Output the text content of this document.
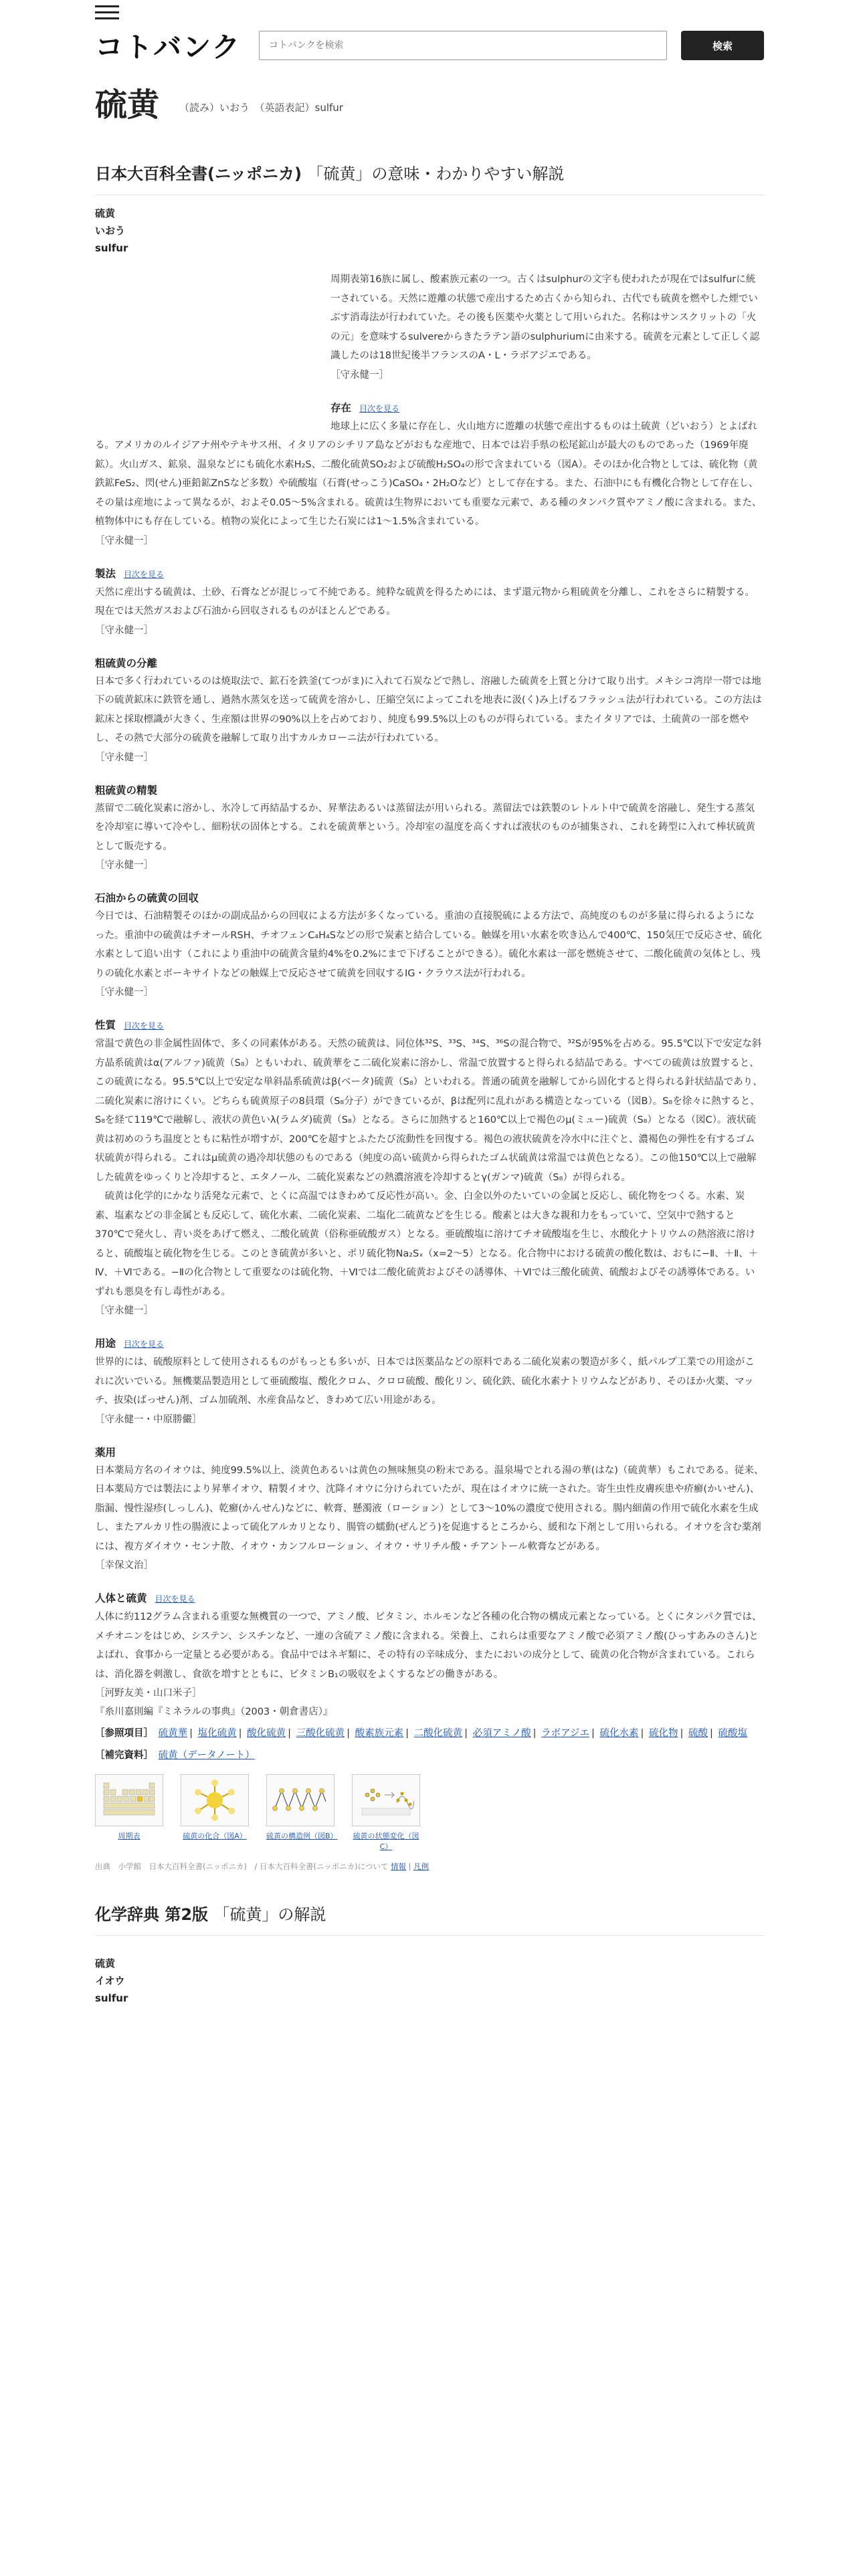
コトバンク
コトバンクを検索	検索
硫黄 （読み）いおう　（英語表記）sulfur
日本大百科全書(ニッポニカ) 「硫黄」の意味・わかりやすい解説
硫黄
いおう
sulfur

周期表第16族に属し、酸素族元素の一つ。古くはsulphurの文字も使われたが現在ではsulfurに統一されている。天然に遊離の状態で産出するため古くから知られ、古代でも硫黄を燃やした煙でいぶす消毒法が行われていた。その後も医薬や火薬として用いられた。名称はサンスクリットの「火の元」を意味するsulvereからきたラテン語のsulphuriumに由来する。硫黄を元素として正しく認識したのは18世紀後半フランスのA・L・ラボアジエである。

［守永健一］

存在 目次を見る

地球上に広く多量に存在し、火山地方に遊離の状態で産出するものは土硫黄（どいおう）とよばれる。アメリカのルイジアナ州やテキサス州、イタリアのシチリア島などがおもな産地で、日本では岩手県の松尾鉱山が最大のものであった（1969年廃鉱）。火山ガス、鉱泉、温泉などにも硫化水素H₂S、二酸化硫黄SO₂および硫酸H₂SO₄の形で含まれている（図A）。そのほか化合物としては、硫化物（黄鉄鉱FeS₂、閃(せん)亜鉛鉱ZnSなど多数）や硫酸塩（石膏(せっこう)CaSO₄・2H₂Oなど）として存在する。また、石油中にも有機化合物として存在し、その量は産地によって異なるが、およそ0.05〜5%含まれる。硫黄は生物界においても重要な元素で、ある種のタンパク質やアミノ酸に含まれる。また、植物体中にも存在している。植物の炭化によって生じた石炭には1〜1.5%含まれている。

［守永健一］

製法 目次を見る

天然に産出する硫黄は、土砂、石膏などが混じって不純である。純粋な硫黄を得るためには、まず還元物から粗硫黄を分離し、これをさらに精製する。現在では天然ガスおよび石油から回収されるものがほとんどである。

［守永健一］

粗硫黄の分離

日本で多く行われているのは焼取法で、鉱石を鉄釜(てつがま)に入れて石炭などで熱し、溶融した硫黄を上質と分けて取り出す。メキシコ湾岸一帯では地下の硫黄鉱床に鉄管を通し、過熱水蒸気を送って硫黄を溶かし、圧縮空気によってこれを地表に汲(く)み上げるフラッシュ法が行われている。この方法は鉱床と採取標識が大きく、生産額は世界の90%以上を占めており、純度も99.5%以上のものが得られている。またイタリアでは、土硫黄の一部を燃やし、その熱で大部分の硫黄を融解して取り出すカルカローニ法が行われている。

［守永健一］

粗硫黄の精製

蒸留で二硫化炭素に溶かし、氷冷して再結晶するか、昇華法あるいは蒸留法が用いられる。蒸留法では鉄製のレトルト中で硫黄を溶融し、発生する蒸気を冷却室に導いて冷やし、細粉状の固体とする。これを硫黄華という。冷却室の温度を高くすれば液状のものが捕集され、これを鋳型に入れて棒状硫黄として販売する。

［守永健一］

石油からの硫黄の回収

今日では、石油精製そのほかの副成品からの回収による方法が多くなっている。重油の直接脱硫による方法で、高純度のものが多量に得られるようになった。重油中の硫黄はチオールRSH、チオフェンC₄H₄Sなどの形で炭素と結合している。触媒を用い水素を吹き込んで400℃、150気圧で反応させ、硫化水素として追い出す（これにより重油中の硫黄含量約4%を0.2%にまで下げることができる）。硫化水素は一部を燃焼させて、二酸化硫黄の気体とし、残りの硫化水素とボーキサイトなどの触媒上で反応させて硫黄を回収するIG・クラウス法が行われる。

［守永健一］

性質 目次を見る

常温で黄色の非金属性固体で、多くの同素体がある。天然の硫黄は、同位体³²S、³³S、³⁴S、³⁶Sの混合物で、³²Sが95%を占める。95.5℃以下で安定な斜方晶系硫黄はα(アルファ)硫黄（S₈）ともいわれ、硫黄華をこ二硫化炭素に溶かし、常温で放置すると得られる結晶である。すべての硫黄は放置すると、この硫黄になる。95.5℃以上で安定な単斜晶系硫黄はβ(ベータ)硫黄（S₈）といわれる。普通の硫黄を融解してから固化すると得られる針状結晶であり、二硫化炭素に溶けにくい。どちらも硫黄原子の8員環（S₈分子）ができているが、βは配列に乱れがある構造となっている（図B）。S₈を徐々に熱すると、S₈を経て119℃で融解し、液状の黄色いλ(ラムダ)硫黄（S₈）となる。さらに加熱すると160℃以上で褐色のμ(ミュー)硫黄（S₈）となる（図C）。液状硫黄は初めのうち温度とともに粘性が増すが、200℃を超すとふたたび流動性を回復する。褐色の液状硫黄を冷水中に注ぐと、濃褐色の弾性を有するゴム状硫黄が得られる。これはμ硫黄の過冷却状態のものである（純度の高い硫黄から得られたゴム状硫黄は常温では黄色となる）。この他150℃以上で融解した硫黄をゆっくりと冷却すると、エタノール、二硫化炭素などの熱濃溶液を冷却するとγ(ガンマ)硫黄（S₈）が得られる。

硫黄は化学的にかなり活発な元素で、とくに高温ではきわめて反応性が高い。金、白金以外のたいていの金属と反応し、硫化物をつくる。水素、炭素、塩素などの非金属とも反応して、硫化水素、二硫化炭素、二塩化二硫黄などを生じる。酸素とは大きな親和力をもっていて、空気中で熱すると370℃で発火し、青い炎をあげて燃え、二酸化硫黄（俗称亜硫酸ガス）となる。亜硫酸塩に溶けてチオ硫酸塩を生じ、水酸化ナトリウムの熱溶液に溶けると、硫酸塩と硫化物を生じる。このとき硫黄が多いと、ポリ硫化物Na₂Sₓ（x=2〜5）となる。化合物中における硫黄の酸化数は、おもに−Ⅱ、＋Ⅱ、＋Ⅳ、＋Ⅵである。−Ⅱの化合物として重要なのは硫化物、＋Ⅵでは二酸化硫黄およびその誘導体、＋Ⅵでは三酸化硫黄、硫酸およびその誘導体である。いずれも悪臭を有し毒性がある。

［守永健一］

用途 目次を見る

世界的には、硫酸原料として使用されるものがもっとも多いが、日本では医薬品などの原料である二硫化炭素の製造が多く、紙パルプ工業での用途がこれに次いでいる。無機薬品製造用として亜硫酸塩、酸化クロム、クロロ硫酸、酸化リン、硫化鉄、硫化水素ナトリウムなどがあり、そのほか火薬、マッチ、抜染(ばっせん)剤、ゴム加硫剤、水産食品など、きわめて広い用途がある。

［守永健一・中原勝儼］

薬用

日本薬局方名のイオウは、純度99.5%以上、淡黄色あるいは黄色の無味無臭の粉末である。温泉場でとれる湯の華(はな)（硫黄華）もこれである。従来、日本薬局方では製法により昇華イオウ、精製イオウ、沈降イオウに分けられていたが、現在はイオウに統一された。寄生虫性皮膚疾患や疥癬(かいせん)、脂漏、慢性湿疹(しっしん)、乾癬(かんせん)などに、軟膏、懸濁液（ローション）として3〜10%の濃度で使用される。腸内細菌の作用で硫化水素を生成し、またアルカリ性の腸液によって硫化アルカリとなり、腸管の蠕動(ぜんどう)を促進するところから、緩和な下剤として用いられる。イオウを含む薬剤には、複方ダイオウ・センナ散、イオウ・カンフルローション、イオウ・サリチル酸・チアントール軟膏などがある。

［幸保文治］

人体と硫黄 目次を見る

人体に約112グラム含まれる重要な無機質の一つで、アミノ酸、ビタミン、ホルモンなど各種の化合物の構成元素となっている。とくにタンパク質では、メチオニンをはじめ、システン、シスチンなど、一連の含硫アミノ酸に含まれる。栄養上、これらは重要なアミノ酸で必須アミノ酸(ひっすあみのさん)とよばれ、食事から一定量とる必要がある。食品中ではネギ類に、その特有の辛味成分、またにおいの成分として、硫黄の化合物が含まれている。これらは、消化器を刺激し、食欲を増すとともに、ビタミンB₁の吸収をよくするなどの働きがある。

［河野友美・山口米子］

『糸川嘉則編『ミネラルの事典』（2003・朝倉書店）』

［参照項目］ 硫黄華 | 塩化硫黄 | 酸化硫黄 | 三酸化硫黄 | 酸素族元素 | 二酸化硫黄 | 必須アミノ酸 | ラボアジエ | 硫化水素 | 硫化物 | 硫酸 | 硫酸塩
［補完資料］ 硫黄（データノート）
周期表	硫黄の化合（図A）	硫黄の構造例（図B） 硫黄の状態変化（図C）
出典　小学館　日本大百科全書(ニッポニカ)　/ 日本大百科全書(ニッポニカ)について 情報 | 凡例
化学辞典 第2版 「硫黄」の解説
硫黄
イオウ
sulfur
